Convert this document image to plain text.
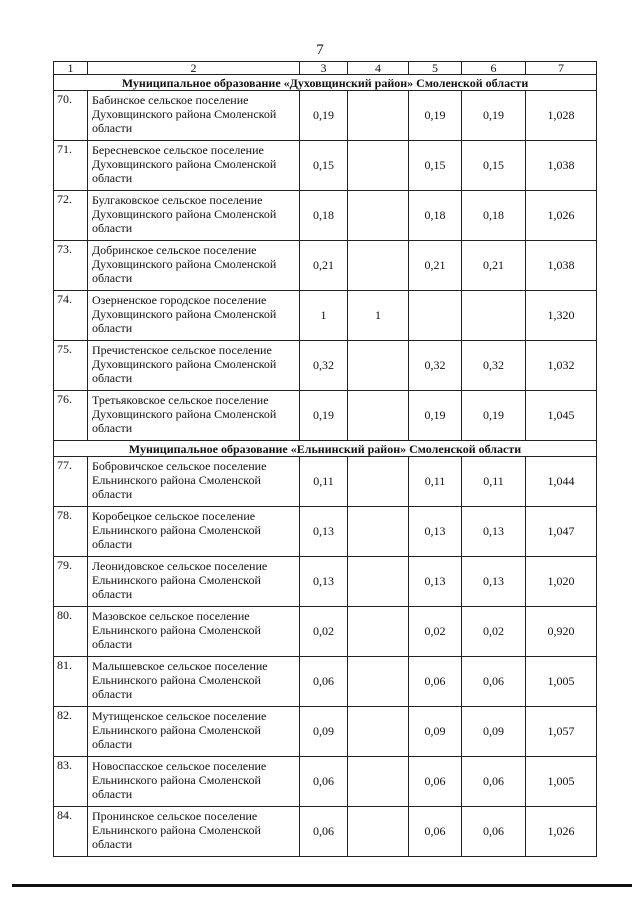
7
1	2	3	4	5	6	7
Муниципальное образование «Духовщинский район» Смоленской области						
70.	Бабинское сельское поселение Духовщинского района Смоленской области	0,19		0,19	0,19	1,028
71.	Бересневское сельское поселение Духовщинского района Смоленской области	0,15		0,15	0,15	1,038
72.	Булгаковское сельское поселение Духовщинского района Смоленской области	0,18		0,18	0,18	1,026
73.	Добринское сельское поселение Духовщинского района Смоленской области	0,21		0,21	0,21	1,038
74.	Озерненское городское поселение Духовщинского района Смоленской области	1	1			1,320
75.	Пречистенское сельское поселение Духовщинского района Смоленской области	0,32		0,32	0,32	1,032
76.	Третьяковское сельское поселение Духовщинского района Смоленской области	0,19		0,19	0,19	1,045
Муниципальное образование «Ельнинский район» Смоленской области						
77.	Бобровичское сельское поселение Ельнинского района Смоленской области	0,11		0,11	0,11	1,044
78.	Коробецкое сельское поселение Ельнинского района Смоленской области	0,13		0,13	0,13	1,047
79.	Леонидовское сельское поселение Ельнинского района Смоленской области	0,13		0,13	0,13	1,020
80.	Мазовское сельское поселение Ельнинского района Смоленской области	0,02		0,02	0,02	0,920
81.	Малышевское сельское поселение Ельнинского района Смоленской области	0,06		0,06	0,06	1,005
82.	Мутищенское сельское поселение Ельнинского района Смоленской области	0,09		0,09	0,09	1,057
83.	Новоспасское сельское поселение Ельнинского района Смоленской области	0,06		0,06	0,06	1,005
84.	Пронинское сельское поселение Ельнинского района Смоленской области	0,06		0,06	0,06	1,026
